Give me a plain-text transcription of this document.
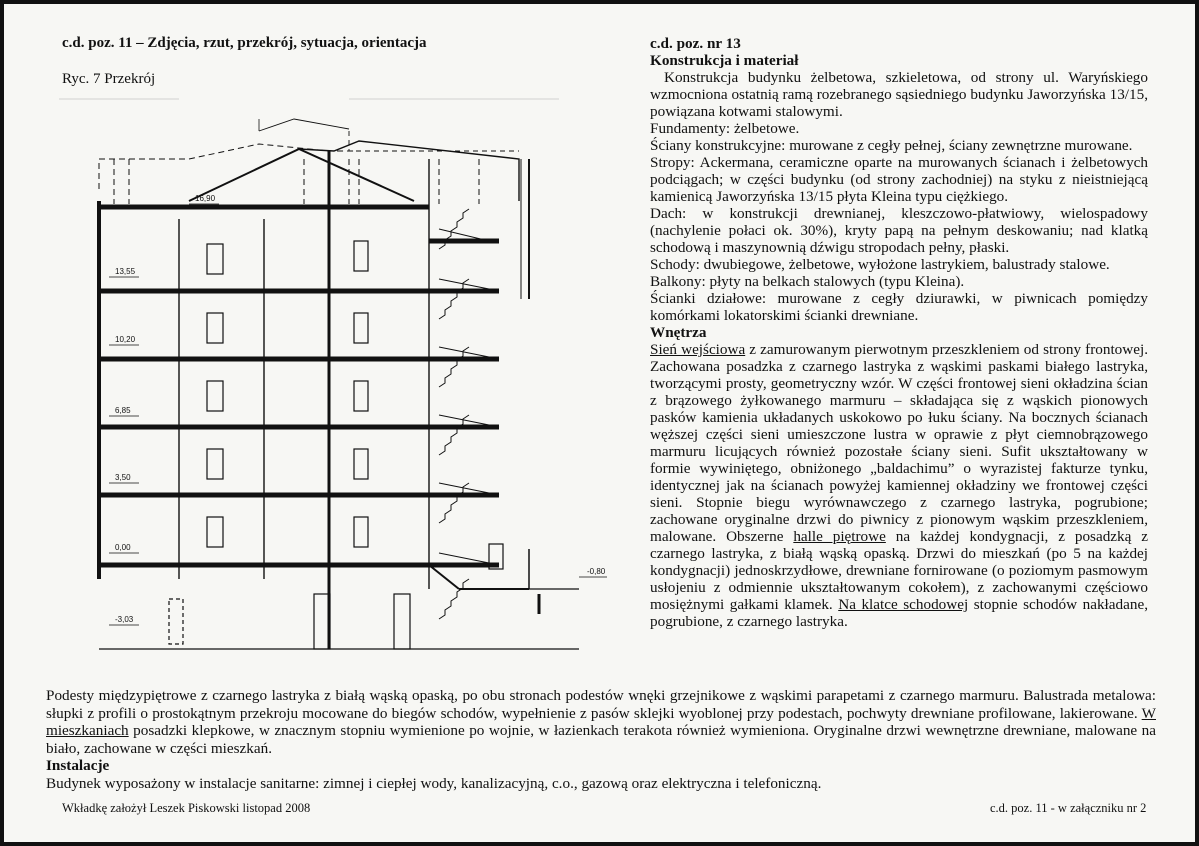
c.d. poz. 11 – Zdjęcia, rzut, przekrój, sytuacja, orientacja
Ryc. 7 Przekrój
16,90
13,55
10,20
6,85
3,50
0,00
-0,80
-3,03

c.d. poz. nr 13

Konstrukcja i materiał

Konstrukcja budynku żelbetowa, szkieletowa, od strony ul. Waryńskiego wzmocniona ostatnią ramą rozebranego sąsiedniego budynku Jaworzyńska 13/15, powiązana kotwami stalowymi.

Fundamenty: żelbetowe.

Ściany konstrukcyjne: murowane z cegły pełnej, ściany zewnętrzne murowane.

Stropy: Ackermana, ceramiczne oparte na murowanych ścianach i żelbetowych podciągach; w części budynku (od strony zachodniej) na styku z nieistniejącą kamienicą Jaworzyńska 13/15 płyta Kleina typu ciężkiego.

Dach: w konstrukcji drewnianej, kleszczowo-płatwiowy, wielospadowy (nachylenie połaci ok. 30%), kryty papą na pełnym deskowaniu; nad klatką schodową i maszynownią dźwigu stropodach pełny, płaski.

Schody: dwubiegowe, żelbetowe, wyłożone lastrykiem, balustrady stalowe.

Balkony: płyty na belkach stalowych (typu Kleina).

Ścianki działowe: murowane z cegły dziurawki, w piwnicach pomiędzy komórkami lokatorskimi ścianki drewniane.

Wnętrza

Sień wejściowa z zamurowanym pierwotnym przeszkleniem od strony frontowej. Zachowana posadzka z czarnego lastryka z wąskimi paskami białego lastryka, tworzącymi prosty, geometryczny wzór. W części frontowej sieni okładzina ścian z brązowego żyłkowanego marmuru – składająca się z wąskich pionowych pasków kamienia układanych uskokowo po łuku ściany. Na bocznych ścianach węższej części sieni umieszczone lustra w oprawie z płyt ciemnobrązowego marmuru licujących również pozostałe ściany sieni. Sufit ukształtowany w formie wywiniętego, obniżonego „baldachimu” o wyrazistej fakturze tynku, identycznej jak na ścianach powyżej kamiennej okładziny we frontowej części sieni. Stopnie biegu wyrównawczego z czarnego lastryka, pogrubione; zachowane oryginalne drzwi do piwnicy z pionowym wąskim przeszkleniem, malowane. Obszerne halle piętrowe na każdej kondygnacji, z posadzką z czarnego lastryka, z białą wąską opaską. Drzwi do mieszkań (po 5 na każdej kondygnacji) jednoskrzydłowe, drewniane fornirowane (o poziomym pasmowym usłojeniu z odmiennie ukształtowanym cokołem), z zachowanymi częściowo mosiężnymi gałkami klamek. Na klatce schodowej stopnie schodów nakładane, pogrubione, z czarnego lastryka.

Podesty międzypiętrowe z czarnego lastryka z białą wąską opaską, po obu stronach podestów wnęki grzejnikowe z wąskimi parapetami z czarnego marmuru. Balustrada metalowa: słupki z profili o prostokątnym przekroju mocowane do biegów schodów, wypełnienie z pasów sklejki wyoblonej przy podestach, pochwyty drewniane profilowane, lakierowane. W mieszkaniach posadzki klepkowe, w znacznym stopniu wymienione po wojnie, w łazienkach terakota również wymieniona. Oryginalne drzwi wewnętrzne drewniane, malowane na biało, zachowane w części mieszkań.

Instalacje

Budynek wyposażony w instalacje sanitarne: zimnej i ciepłej wody, kanalizacyjną, c.o., gazową oraz elektryczna i telefoniczną.

Wkładkę założył Leszek Piskowski listopad 2008	c.d. poz. 11 - w załączniku nr 2
